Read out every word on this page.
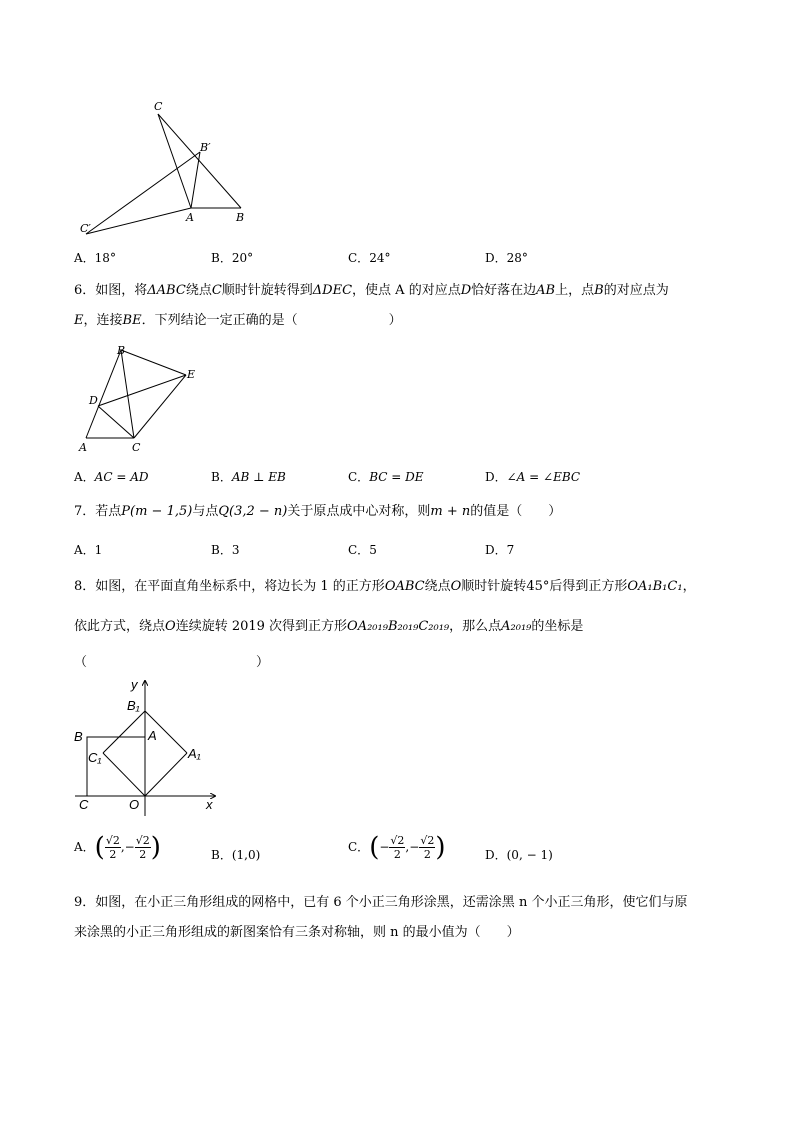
C
B′
C′
A	B
A．18°	B．20°	C．24°	D．28°
6．如图，将ΔABC绕点C顺时针旋转得到ΔDEC，使点 A 的对应点D恰好落在边AB上，点B的对应点为
E，连接BE．下列结论一定正确的是（　　　　　　　）
B
E
D
A	C
A．AC = AD	B．AB ⊥ EB	C．BC = DE	D．∠A = ∠EBC
7．若点P(m − 1,5)与点Q(3,2 − n)关于原点成中心对称，则m + n的值是（　　）
A．1	B．3	C．5	D．7
8．如图，在平面直角坐标系中，将边长为 1 的正方形OABC绕点O顺时针旋转45°后得到正方形OA₁B₁C₁，
依此方式，绕点O连续旋转 2019 次得到正方形OA₂₀₁₉B₂₀₁₉C₂₀₁₉，那么点A₂₀₁₉的坐标是
（　　　　　　　　　　　　　）
y
x
B₁
A
B
C₁	A₁
C	O
A．( $\frac{√2}{2}$ ,− $\frac{√2}{2}$ )	B．(1,0)
C．(− $\frac{√2}{2}$ ,− $\frac{√2}{2}$ )	D．(0, − 1)
9．如图，在小正三角形组成的网格中，已有 6 个小正三角形涂黑，还需涂黑 n 个小正三角形，使它们与原
来涂黑的小正三角形组成的新图案恰有三条对称轴，则 n 的最小值为（　　）
